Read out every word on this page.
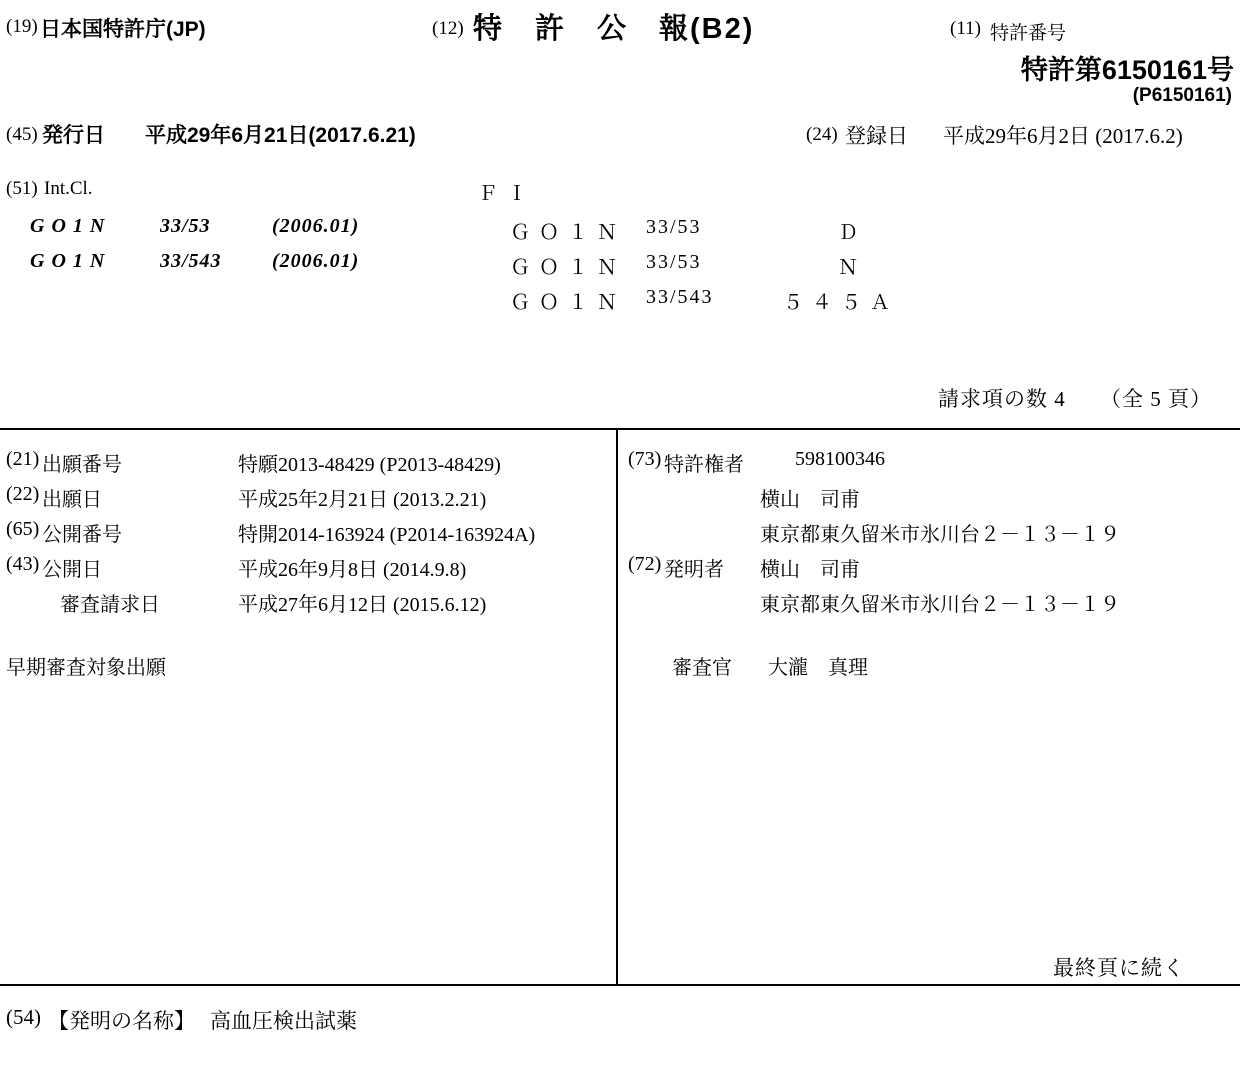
(19) 日本国特許庁(JP)	(12) 特　許　公　報(B2)	(11) 特許番号
特許第6150161号
(P6150161)
(45) 発行日 平成29年6月21日(2017.6.21)	(24) 登録日 平成29年6月2日 (2017.6.2)
(51) Int.Cl.	Ｆ Ｉ
G O 1 N	33/53	(2006.01)	Ｇ Ｏ １ Ｎ 33/53	Ｄ
G O 1 N	33/543	(2006.01)	Ｇ Ｏ １ Ｎ 33/53	Ｎ
Ｇ Ｏ １ Ｎ 33/543	５ ４ ５ Ａ
請求項の数 4 （全 5 頁）
(21) 出願番号	特願2013-48429 (P2013-48429)
(22) 出願日	平成25年2月21日 (2013.2.21)
(65) 公開番号	特開2014-163924 (P2014-163924A)
(43) 公開日	平成26年9月8日 (2014.9.8)
審査請求日	平成27年6月12日 (2015.6.12)
早期審査対象出願
(73) 特許権者	598100346
横山　司甫
東京都東久留米市氷川台２－１３－１９
(72) 発明者 横山　司甫
東京都東久留米市氷川台２－１３－１９
審査官 大瀧　真理
最終頁に続く
(54) 【発明の名称】 高血圧検出試薬
